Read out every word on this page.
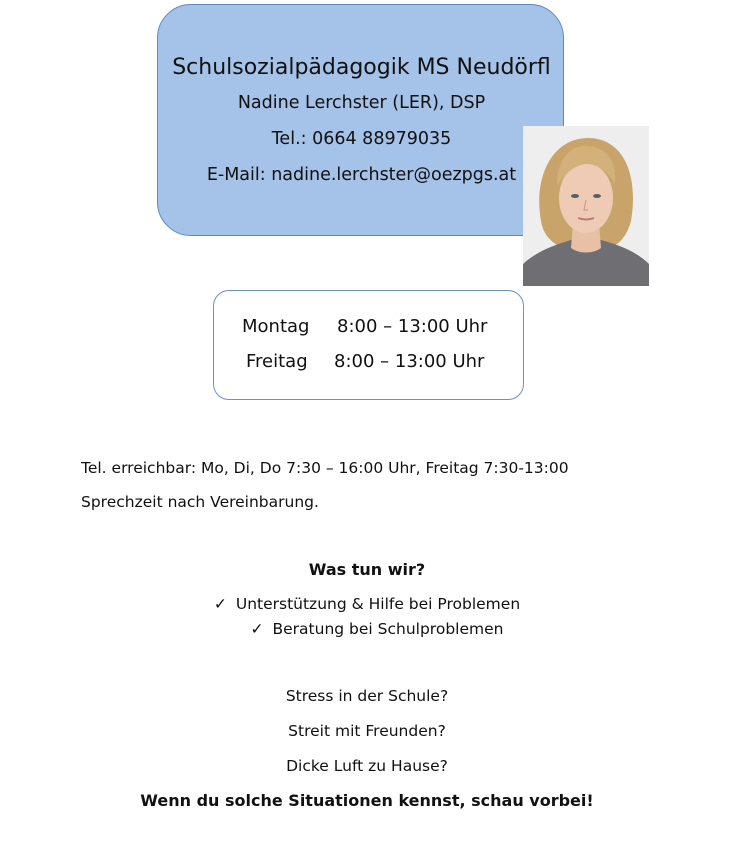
Schulsozialpädagogik MS Neudörfl
Nadine Lerchster (LER), DSP
Tel.: 0664 88979035
E-Mail: nadine.lerchster@oezpgs.at
Montag 8:00 – 13:00 Uhr
Freitag 8:00 – 13:00 Uhr
Tel. erreichbar: Mo, Di, Do 7:30 – 16:00 Uhr, Freitag 7:30-13:00
Sprechzeit nach Vereinbarung.
Was tun wir?
✓ Unterstützung & Hilfe bei Problemen
✓ Beratung bei Schulproblemen
Stress in der Schule?
Streit mit Freunden?
Dicke Luft zu Hause?
Wenn du solche Situationen kennst, schau vorbei!
